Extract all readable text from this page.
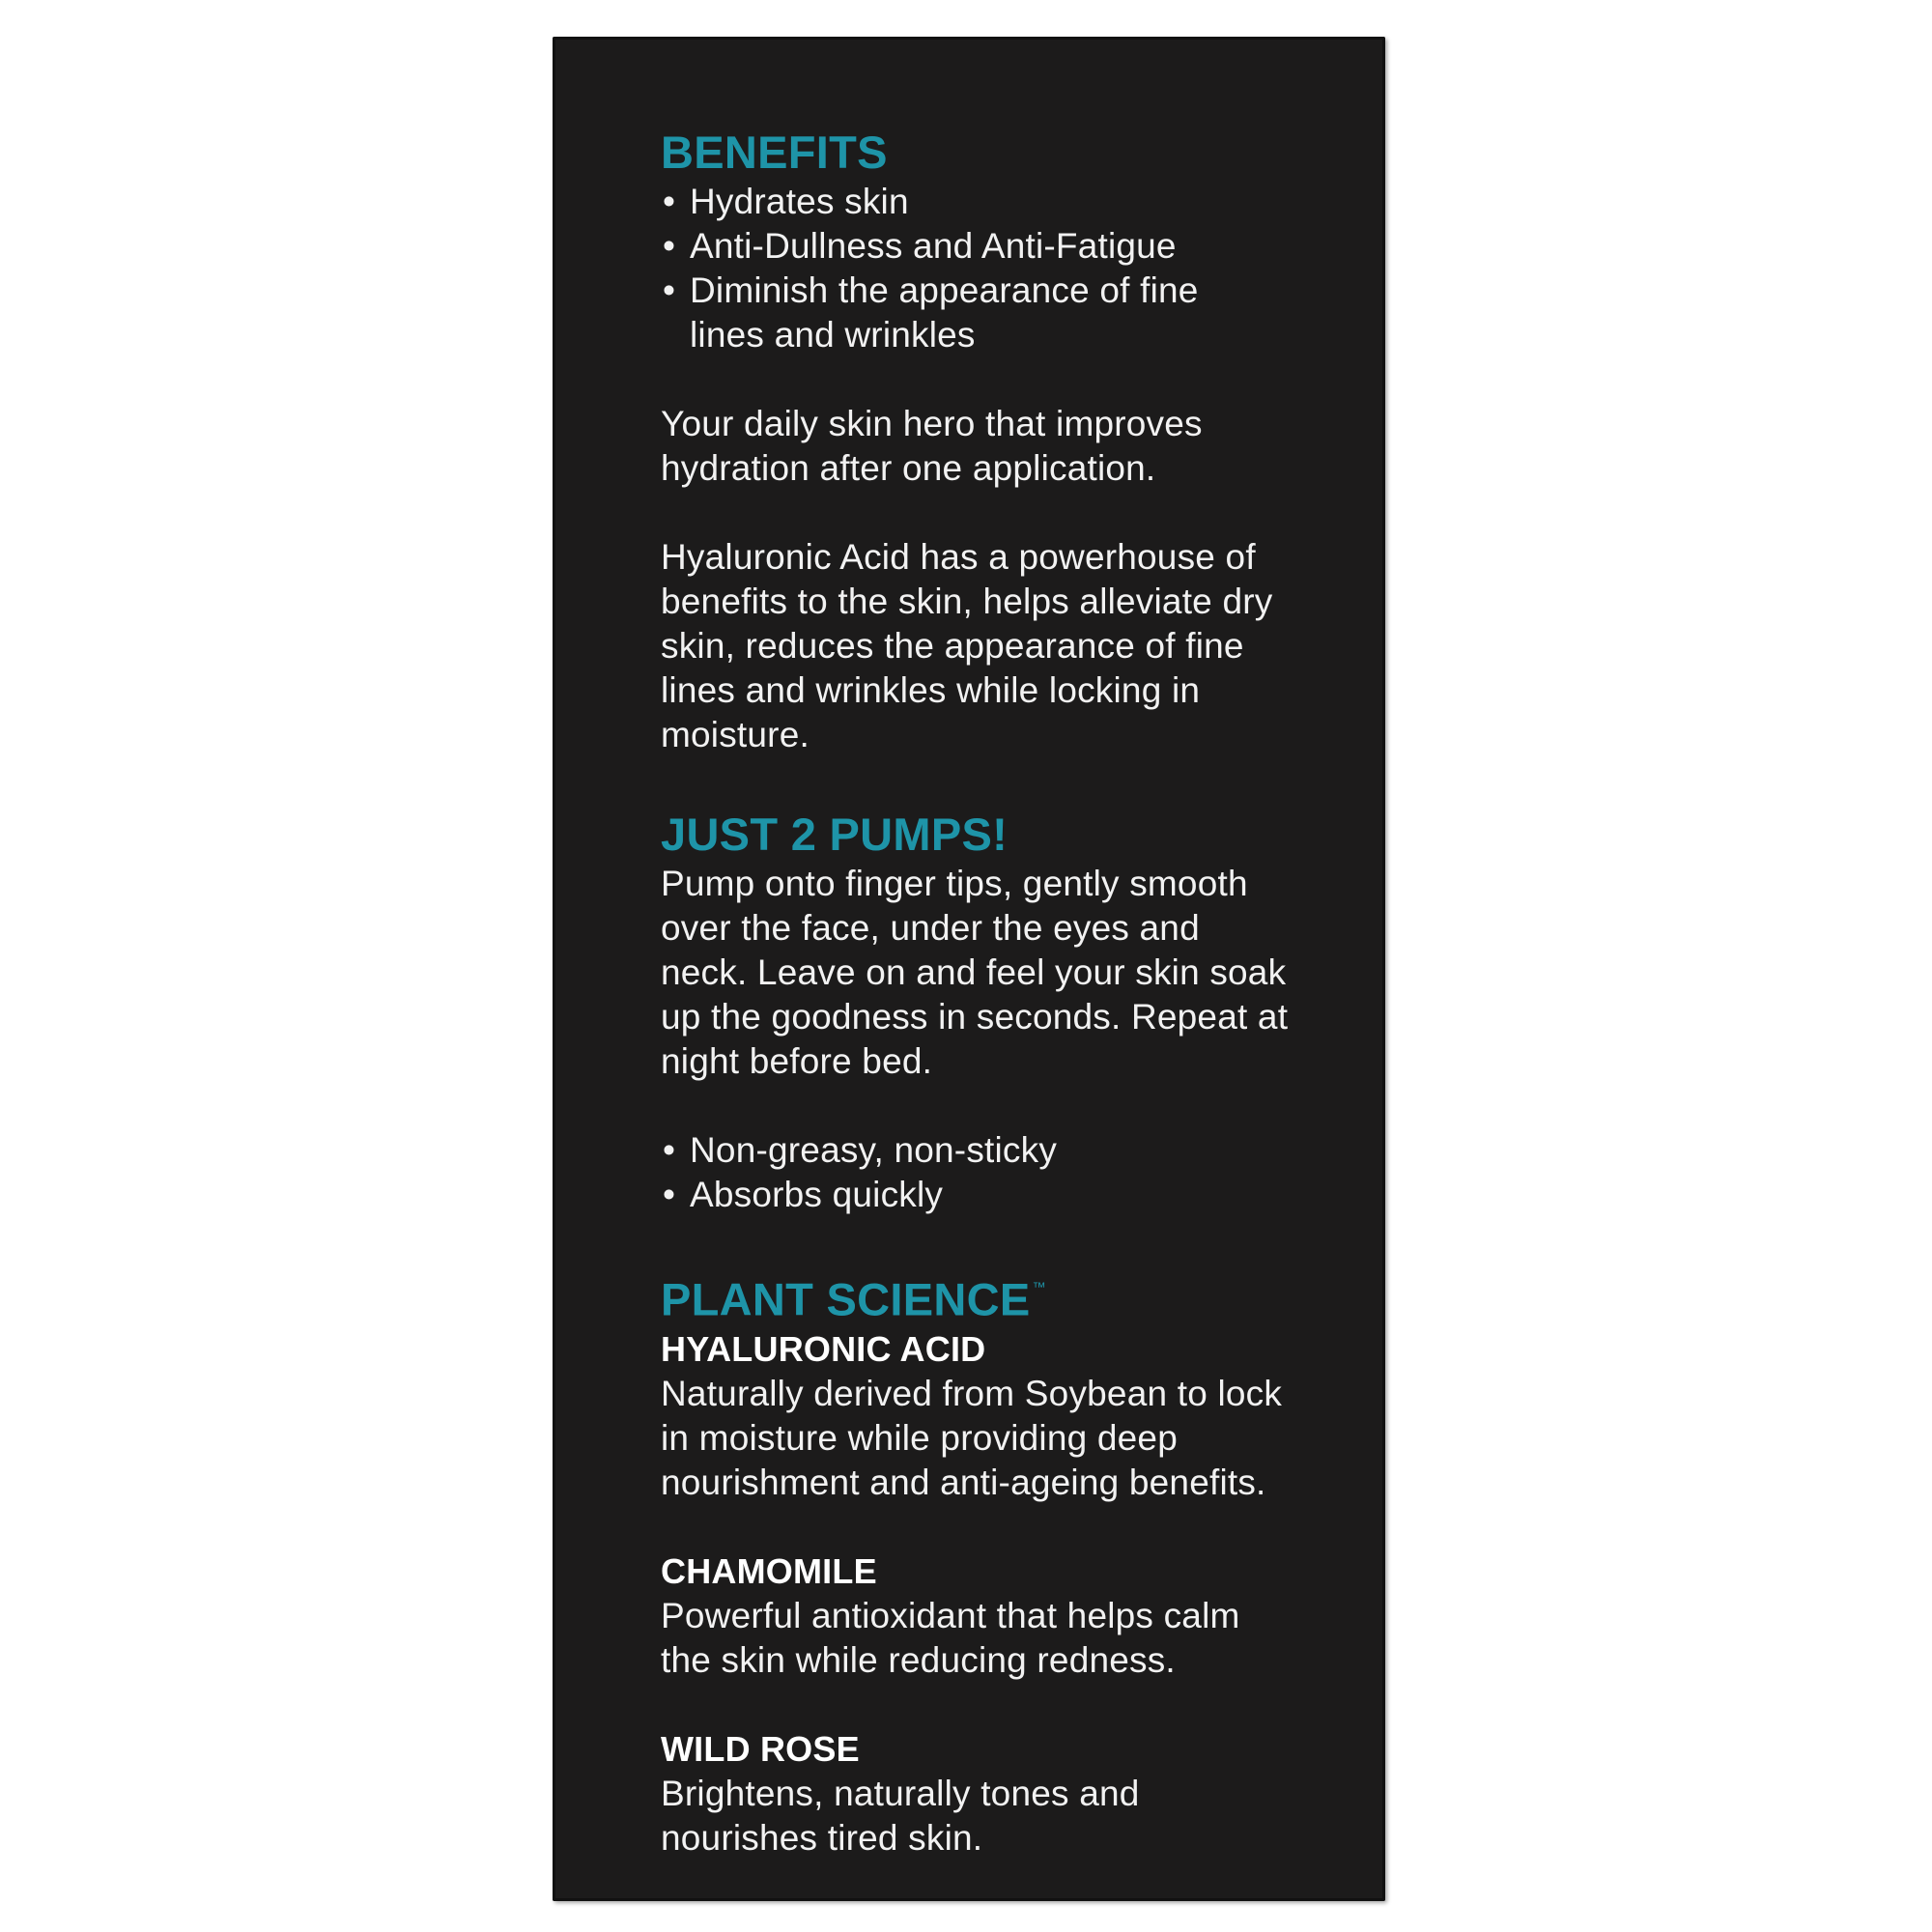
BENEFITS
• Hydrates skin
• Anti-Dullness and Anti-Fatigue
• Diminish the appearance of fine lines and wrinkles

Your daily skin hero that improves hydration after one application.

Hyaluronic Acid has a powerhouse of benefits to the skin, helps alleviate dry skin, reduces the appearance of fine lines and wrinkles while locking in moisture.

JUST 2 PUMPS!

Pump onto finger tips, gently smooth over the face, under the eyes and neck. Leave on and feel your skin soak up the goodness in seconds. Repeat at night before bed.

• Non-greasy, non-sticky
• Absorbs quickly
PLANT SCIENCE ™
HYALURONIC ACID

Naturally derived from Soybean to lock in moisture while providing deep nourishment and anti-ageing benefits.

CHAMOMILE

Powerful antioxidant that helps calm the skin while reducing redness.

WILD ROSE

Brightens, naturally tones and nourishes tired skin.
